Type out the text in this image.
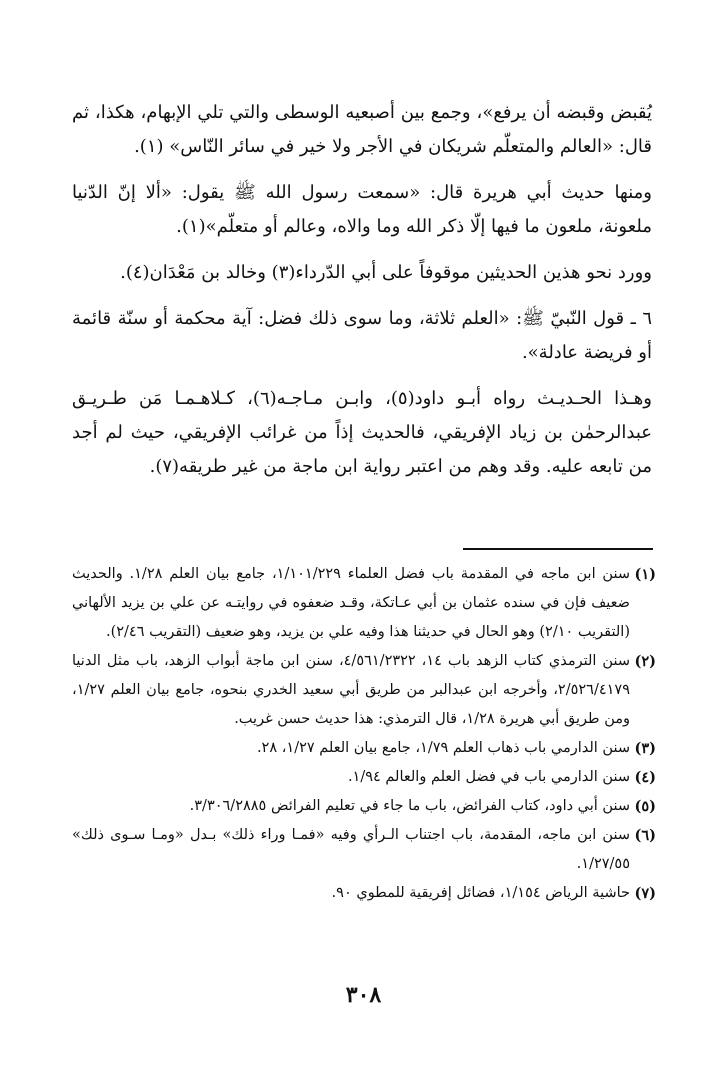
يُقبض وقبضه أن يرفع»، وجمع بين أصبعيه الوسطى والتي تلي الإبهام، هكذا، ثم قال: «العالم والمتعلّم شريكان في الأجر ولا خير في سائر النّاس» (١).

ومنها حديث أبي هريرة قال: «سمعت رسول الله ﷺ يقول: «ألا إنّ الدّنيا ملعونة، ملعون ما فيها إلّا ذكر الله وما والاه، وعالم أو متعلّم»(١).

وورد نحو هذين الحديثين موقوفاً على أبي الدّرداء(٣) وخالد بن مَعْدَان(٤).

٦ ـ قول النّبيّ ﷺ: «العلم ثلاثة، وما سوى ذلك فضل: آية محكمة أو سنّة قائمة أو فريضة عادلة».

وهـذا الحـديـث رواه أبـو داود(٥)، وابـن مـاجـه(٦)، كـلاهـمـا مَن طـريـق عبدالرحمٰن بن زياد الإفريقي، فالحديث إذاً من غرائب الإفريقي، حيث لم أجد من تابعه عليه. وقد وهم من اعتبر رواية ابن ماجة من غير طريقه(٧).

(١)
سنن ابن ماجه في المقدمة باب فضل العلماء ١/١٠١/٢٢٩، جامع بيان العلم ١/٢٨. والحديث ضعيف فإن في سنده عثمان بن أبي عـاتكة، وقـد ضعفوه في روايتـه عن علي بن يزيد الألهاني (التقريب ٢/١٠) وهو الحال في حديثنا هذا وفيه علي بن يزيد، وهو ضعيف (التقريب ٢/٤٦).
(٢)
سنن الترمذي كتاب الزهد باب ١٤، ٤/٥٦١/٢٣٢٢، سنن ابن ماجة أبواب الزهد، باب مثل الدنيا ٢/٥٢٦/٤١٧٩، وأخرجه ابن عبدالبر من طريق أبي سعيد الخدري بنحوه، جامع بيان العلم ١/٢٧، ومن طريق أبي هريرة ١/٢٨، قال الترمذي: هذا حديث حسن غريب.
(٣)
سنن الدارمي باب ذهاب العلم ١/٧٩، جامع بيان العلم ١/٢٧، ٢٨.
(٤)
سنن الدارمي باب في فضل العلم والعالم ١/٩٤.
(٥)
سنن أبي داود، كتاب الفرائض، باب ما جاء في تعليم الفرائض ٣/٣٠٦/٢٨٨٥.
(٦)
سنن ابن ماجه، المقدمة، باب اجتناب الـرأي وفيه «فمـا وراء ذلك» بـدل «ومـا سـوى ذلك» ١/٢٧/٥٥.
(٧)
حاشية الرياض ١/١٥٤، فضائل إفريقية للمطوي ٩٠.
٣٠٨
